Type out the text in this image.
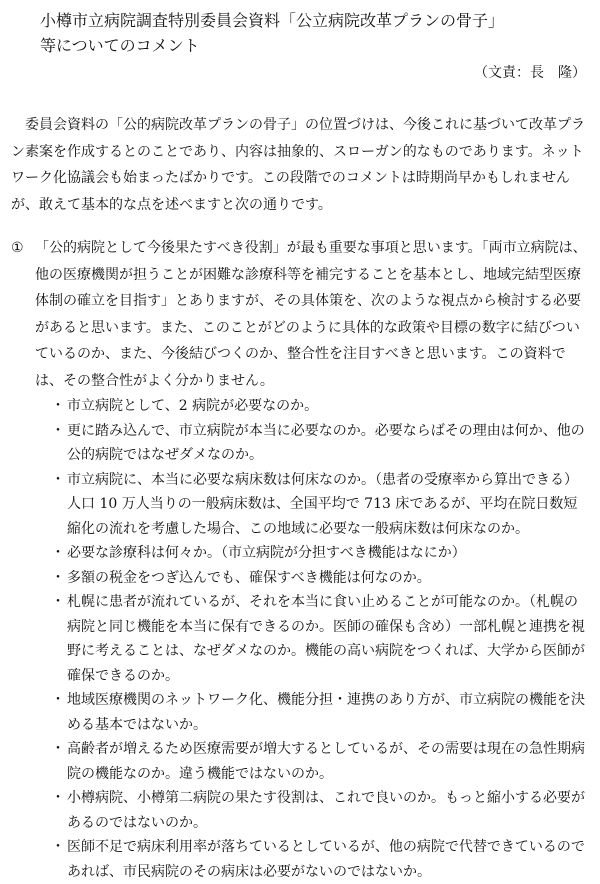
小樽市立病院調査特別委員会資料「公立病院改革プランの骨子」
等についてのコメント
（文責：長　隆）

委員会資料の「公的病院改革プランの骨子」の位置づけは、今後これに基づいて改革プラン素案を作成するとのことであり、内容は抽象的、スローガン的なものであります。ネットワーク化協議会も始まったばかりです。この段階でのコメントは時期尚早かもしれませんが、敢えて基本的な点を述べますと次の通りです。

① 「公的病院として今後果たすべき役割」が最も重要な事項と思います。「両市立病院は、他の医療機関が担うことが困難な診療科等を補完することを基本とし、地域完結型医療体制の確立を目指す」とありますが、その具体策を、次のような視点から検討する必要があると思います。また、このことがどのように具体的な政策や目標の数字に結びついているのか、また、今後結びつくのか、整合性を注目すべきと思います。この資料では、その整合性がよく分かりません。

・ 市立病院として、2 病院が必要なのか。
・ 更に踏み込んで、市立病院が本当に必要なのか。必要ならばその理由は何か、他の公的病院ではなぜダメなのか。
・ 市立病院に、本当に必要な病床数は何床なのか。（患者の受療率から算出できる）人口 10 万人当りの一般病床数は、全国平均で 713 床であるが、平均在院日数短縮化の流れを考慮した場合、この地域に必要な一般病床数は何床なのか。
・ 必要な診療科は何々か。（市立病院が分担すべき機能はなにか）
・ 多額の税金をつぎ込んでも、確保すべき機能は何なのか。
・ 札幌に患者が流れているが、それを本当に食い止めることが可能なのか。（札幌の病院と同じ機能を本当に保有できるのか。医師の確保も含め）一部札幌と連携を視野に考えることは、なぜダメなのか。機能の高い病院をつくれば、大学から医師が確保できるのか。
・ 地域医療機関のネットワーク化、機能分担・連携のあり方が、市立病院の機能を決める基本ではないか。
・ 高齢者が増えるため医療需要が増大するとしているが、その需要は現在の急性期病院の機能なのか。違う機能ではないのか。
・ 小樽病院、小樽第二病院の果たす役割は、これで良いのか。もっと縮小する必要があるのではないのか。
・ 医師不足で病床利用率が落ちているとしているが、他の病院で代替できているのであれば、市民病院のその病床は必要がないのではないか。
